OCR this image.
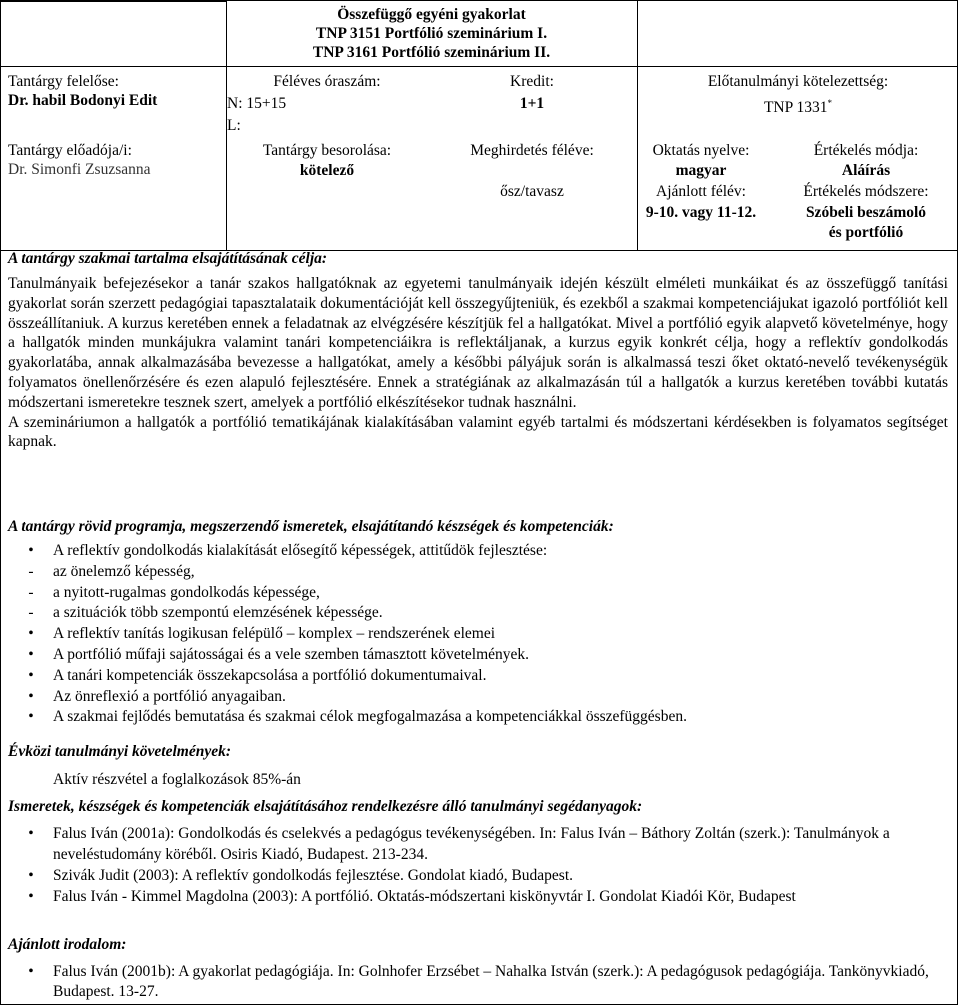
Összefüggő egyéni gyakorlat
TNP 3151 Portfólió szeminárium I.
TNP 3161 Portfólió szeminárium II.
Tantárgy felelőse:
Dr. habil Bodonyi Edit
Tantárgy előadója/i:
Dr. Simonfi Zsuzsanna
Féléves óraszám:
N: 15+15
L:
Tantárgy besorolása:
kötelező
Kredit:
1+1
Meghirdetés féléve:
ősz/tavasz
Előtanulmányi kötelezettség:
TNP 1331*
Oktatás nyelve:
magyar
Ajánlott félév:
9-10. vagy 11-12.
Értékelés módja:
Aláírás
Értékelés módszere:
Szóbeli beszámoló
és portfólió
A tantárgy szakmai tartalma elsajátításának célja:

Tanulmányaik befejezésekor a tanár szakos hallgatóknak az egyetemi tanulmányaik idején készült elméleti munkáikat és az összefüggő tanítási gyakorlat során szerzett pedagógiai tapasztalataik dokumentációját kell összegyűjteniük, és ezekből a szakmai kompetenciájukat igazoló portfóliót kell összeállítaniuk. A kurzus keretében ennek a feladatnak az elvégzésére készítjük fel a hallgatókat. Mivel a portfólió egyik alapvető követelménye, hogy a hallgatók minden munkájukra valamint tanári kompetenciáikra is reflektáljanak, a kurzus egyik konkrét célja, hogy a reflektív gondolkodás gyakorlatába, annak alkalmazásába bevezesse a hallgatókat, amely a későbbi pályájuk során is alkalmassá teszi őket oktató-nevelő tevékenységük folyamatos önellenőrzésére és ezen alapuló fejlesztésére. Ennek a stratégiának az alkalmazásán túl a hallgatók a kurzus keretében további kutatás módszertani ismeretekre tesznek szert, amelyek a portfólió elkészítésekor tudnak használni.

A szemináriumon a hallgatók a portfólió tematikájának kialakításában valamint egyéb tartalmi és módszertani kérdésekben is folyamatos segítséget kapnak.

A tantárgy rövid programja, megszerzendő ismeretek, elsajátítandó készségek és kompetenciák:
• A reflektív gondolkodás kialakítását elősegítő képességek, attitűdök fejlesztése:
- az önelemző képesség,
- a nyitott-rugalmas gondolkodás képessége,
- a szituációk több szempontú elemzésének képessége.
• A reflektív tanítás logikusan felépülő – komplex – rendszerének elemei
• A portfólió műfaji sajátosságai és a vele szemben támasztott követelmények.
• A tanári kompetenciák összekapcsolása a portfólió dokumentumaival.
• Az önreflexió a portfólió anyagaiban.
• A szakmai fejlődés bemutatása és szakmai célok megfogalmazása a kompetenciákkal összefüggésben.
Évközi tanulmányi követelmények:
Aktív részvétel a foglalkozások 85%-án
Ismeretek, készségek és kompetenciák elsajátításához rendelkezésre álló tanulmányi segédanyagok:
• Falus Iván (2001a): Gondolkodás és cselekvés a pedagógus tevékenységében. In: Falus Iván – Báthory Zoltán (szerk.): Tanulmányok a neveléstudomány köréből. Osiris Kiadó, Budapest. 213-234.
• Szivák Judit (2003): A reflektív gondolkodás fejlesztése. Gondolat kiadó, Budapest.
• Falus Iván - Kimmel Magdolna (2003): A portfólió. Oktatás-módszertani kiskönyvtár I. Gondolat Kiadói Kör, Budapest
Ajánlott irodalom:
• Falus Iván (2001b): A gyakorlat pedagógiája. In: Golnhofer Erzsébet – Nahalka István (szerk.): A pedagógusok pedagógiája. Tankönyvkiadó, Budapest. 13-27.
